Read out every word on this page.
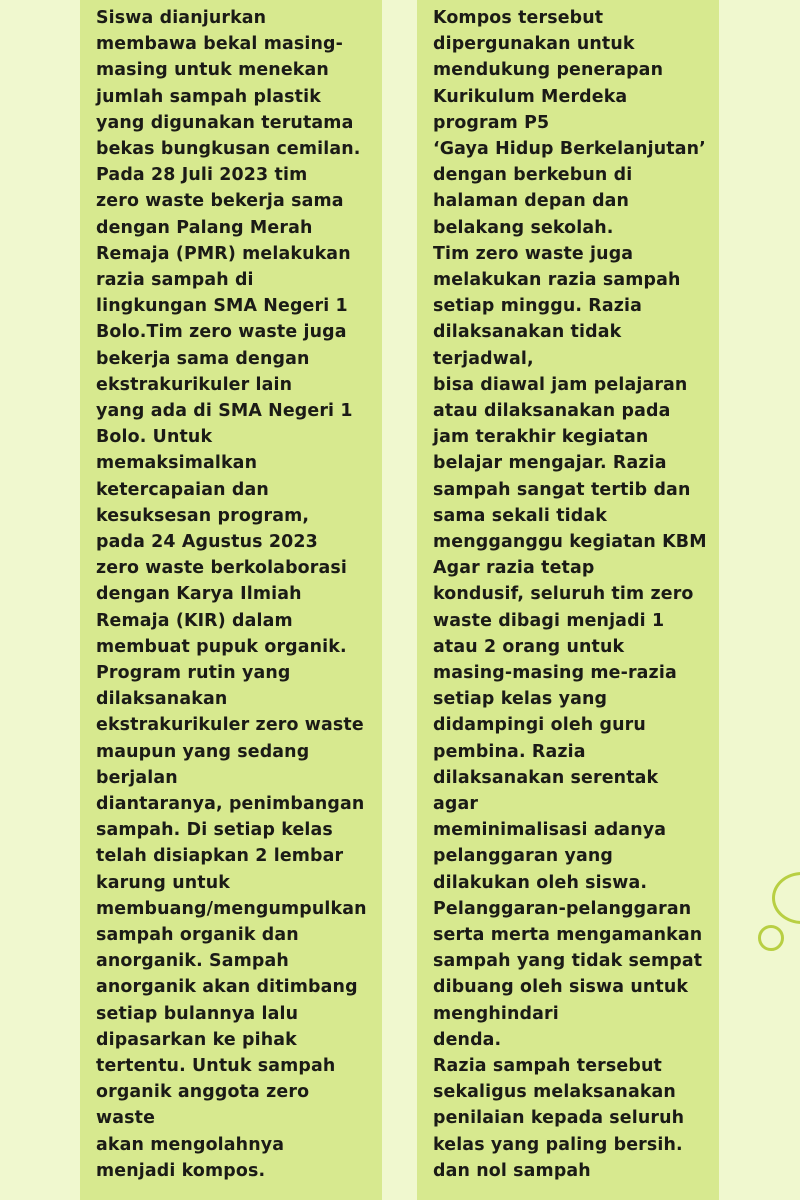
Siswa dianjurkan
membawa bekal masing-
masing untuk menekan
jumlah sampah plastik
yang digunakan terutama
bekas bungkusan cemilan.
Pada 28 Juli 2023 tim
zero waste bekerja sama
dengan Palang Merah
Remaja (PMR) melakukan
razia sampah di
lingkungan SMA Negeri 1
Bolo.Tim zero waste juga
bekerja sama dengan
ekstrakurikuler lain
yang ada di SMA Negeri 1
Bolo. Untuk
memaksimalkan
ketercapaian dan
kesuksesan program,
pada 24 Agustus 2023
zero waste berkolaborasi
dengan Karya Ilmiah
Remaja (KIR) dalam
membuat pupuk organik.
Program rutin yang
dilaksanakan
ekstrakurikuler zero waste
maupun yang sedang
berjalan
diantaranya, penimbangan
sampah. Di setiap kelas
telah disiapkan 2 lembar
karung untuk
membuang/mengumpulkan
sampah organik dan
anorganik. Sampah
anorganik akan ditimbang
setiap bulannya lalu
dipasarkan ke pihak
tertentu. Untuk sampah
organik anggota zero
waste
akan mengolahnya
menjadi kompos.
Kompos tersebut
dipergunakan untuk
mendukung penerapan
Kurikulum Merdeka
program P5
‘Gaya Hidup Berkelanjutan’
dengan berkebun di
halaman depan dan
belakang sekolah.
Tim zero waste juga
melakukan razia sampah
setiap minggu. Razia
dilaksanakan tidak
terjadwal,
bisa diawal jam pelajaran
atau dilaksanakan pada
jam terakhir kegiatan
belajar mengajar. Razia
sampah sangat tertib dan
sama sekali tidak
mengganggu kegiatan KBM
Agar razia tetap
kondusif, seluruh tim zero
waste dibagi menjadi 1
atau 2 orang untuk
masing-masing me-razia
setiap kelas yang
didampingi oleh guru
pembina. Razia
dilaksanakan serentak
agar
meminimalisasi adanya
pelanggaran yang
dilakukan oleh siswa.
Pelanggaran-pelanggaran
serta merta mengamankan
sampah yang tidak sempat
dibuang oleh siswa untuk
menghindari
denda.
Razia sampah tersebut
sekaligus melaksanakan
penilaian kepada seluruh
kelas yang paling bersih.
dan nol sampah
